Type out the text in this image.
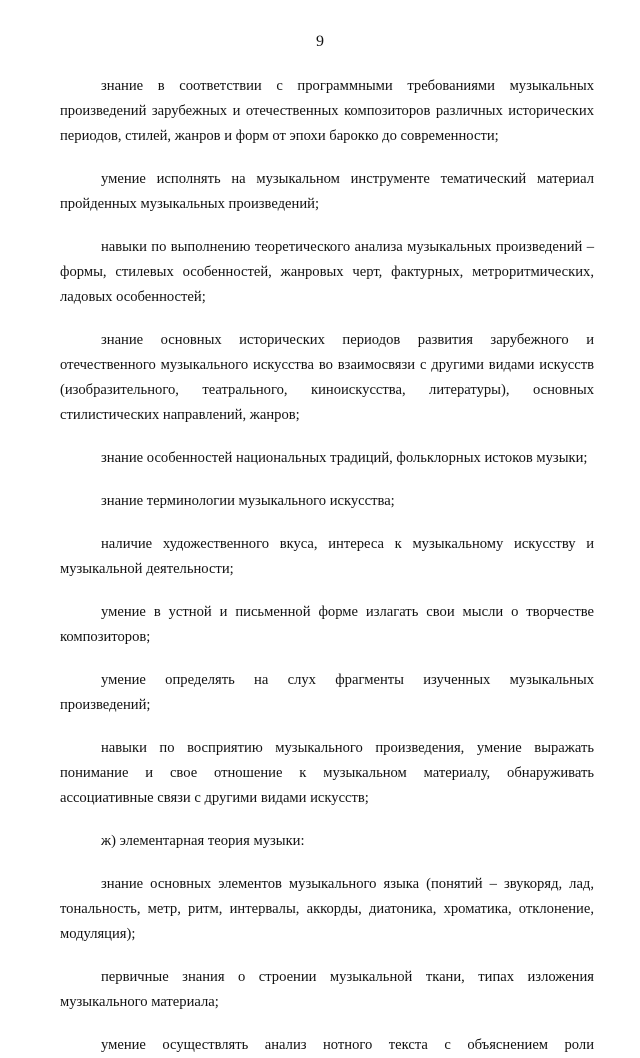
9

знание в соответствии с программными требованиями музыкальных произведений зарубежных и отечественных композиторов различных исторических периодов, стилей, жанров и форм от эпохи барокко до современности;

умение исполнять на музыкальном инструменте тематический материал пройденных музыкальных произведений;

навыки по выполнению теоретического анализа музыкальных произведений – формы, стилевых особенностей, жанровых черт, фактурных, метроритмических, ладовых особенностей;

знание основных исторических периодов развития зарубежного и отечественного музыкального искусства во взаимосвязи с другими видами искусств (изобразительного, театрального, киноискусства, литературы), основных стилистических направлений, жанров;

знание особенностей национальных традиций, фольклорных истоков музыки;

знание терминологии музыкального искусства;

наличие художественного вкуса, интереса к музыкальному искусству и музыкальной деятельности;

умение в устной и письменной форме излагать свои мысли о творчестве композиторов;

умение определять на слух фрагменты изученных музыкальных произведений;

навыки по восприятию музыкального произведения, умение выражать понимание и свое отношение к музыкальном материалу, обнаруживать ассоциативные связи с другими видами искусств;

ж) элементарная теория музыки:

знание основных элементов музыкального языка (понятий – звукоряд, лад, тональность, метр, ритм, интервалы, аккорды, диатоника, хроматика, отклонение, модуляция);

первичные знания о строении музыкальной ткани, типах изложения музыкального материала;

умение осуществлять анализ нотного текста с объяснением роли
